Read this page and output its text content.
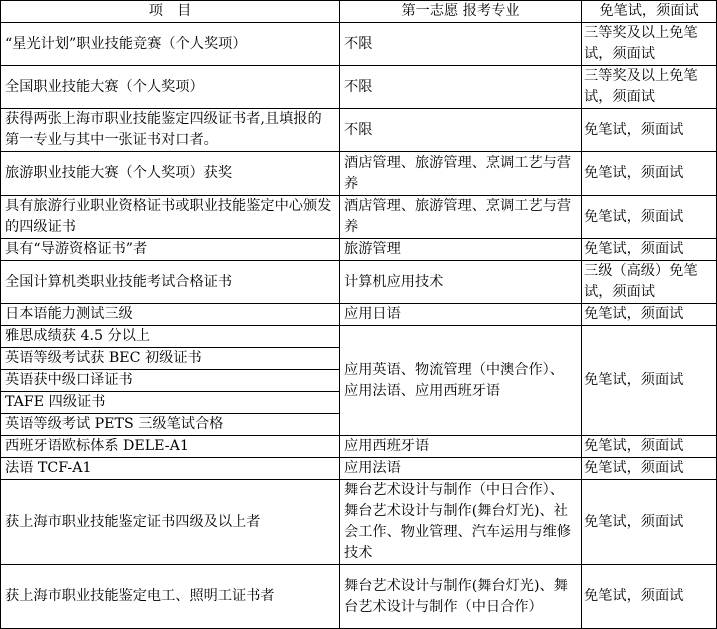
项　目	第一志愿 报考专业	免笔试，须面试
“星光计划”职业技能竞赛（个人奖项）	不限	三等奖及以上免笔试，须面试
全国职业技能大赛（个人奖项）	不限	三等奖及以上免笔试，须面试
获得两张上海市职业技能鉴定四级证书者,且填报的第一专业与其中一张证书对口者。	不限	免笔试，须面试
旅游职业技能大赛（个人奖项）获奖	酒店管理、旅游管理、烹调工艺与营养	免笔试，须面试
具有旅游行业职业资格证书或职业技能鉴定中心颁发的四级证书	酒店管理、旅游管理、烹调工艺与营养	免笔试，须面试
具有“导游资格证书”者	旅游管理	免笔试，须面试
全国计算机类职业技能考试合格证书	计算机应用技术	三级（高级）免笔试，须面试
日本语能力测试三级	应用日语	免笔试，须面试
雅思成绩获 4.5 分以上	应用英语、物流管理（中澳合作）、应用法语、应用西班牙语	免笔试，须面试
英语等级考试获 BEC 初级证书		
英语获中级口译证书		
TAFE 四级证书		
英语等级考试 PETS 三级笔试合格		
西班牙语欧标体系 DELE-A1	应用西班牙语	免笔试，须面试
法语 TCF-A1	应用法语	免笔试，须面试
获上海市职业技能鉴定证书四级及以上者	舞台艺术设计与制作（中日合作）、舞台艺术设计与制作(舞台灯光)、社会工作、物业管理、汽车运用与维修技术	免笔试，须面试
获上海市职业技能鉴定电工、照明工证书者	舞台艺术设计与制作(舞台灯光)、舞台艺术设计与制作（中日合作）	免笔试，须面试
